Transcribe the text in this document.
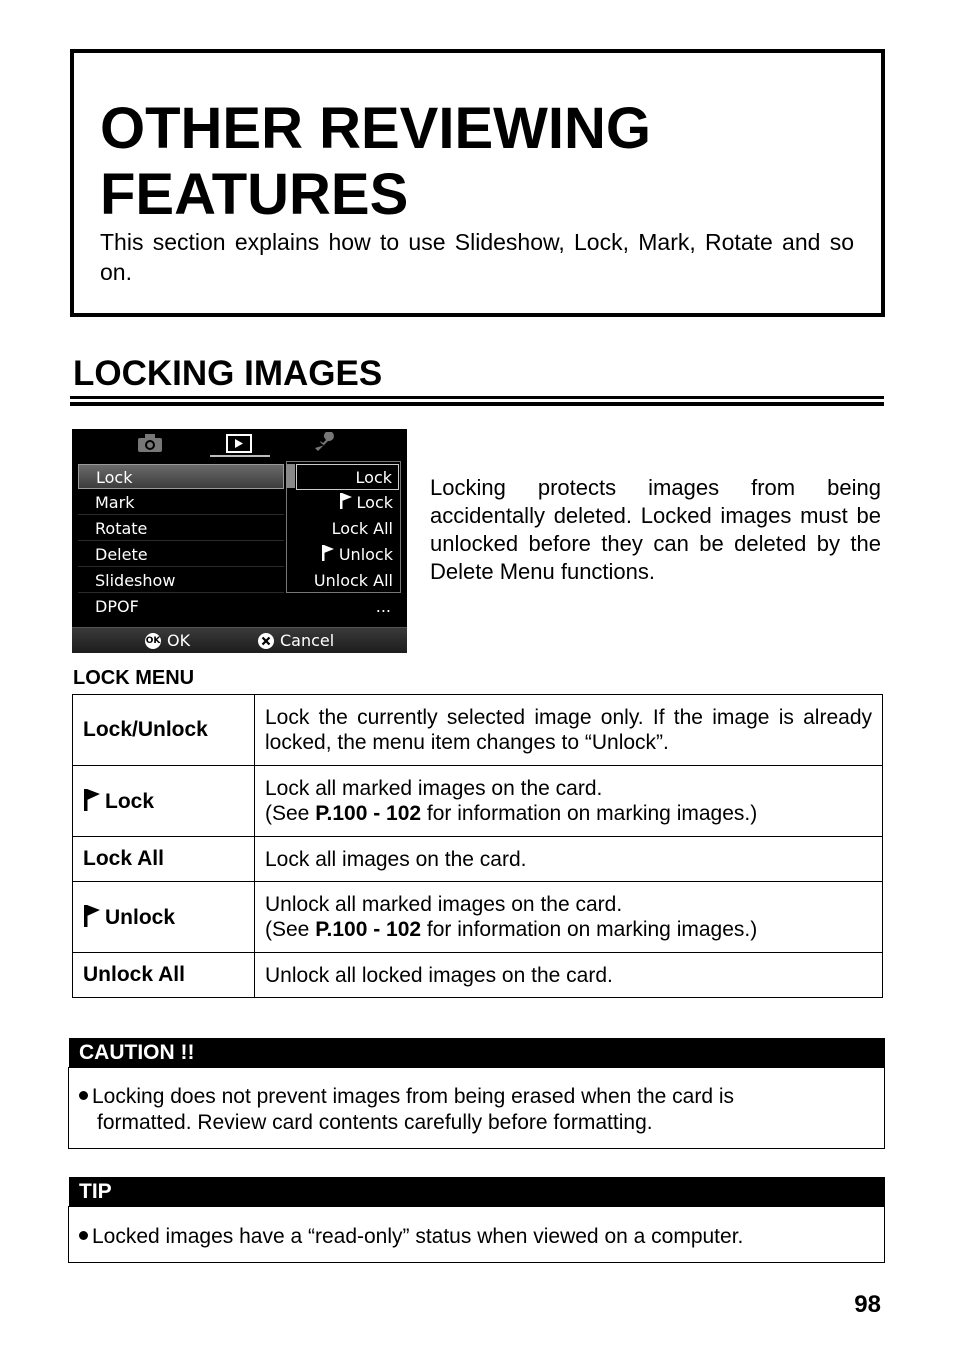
OTHER REVIEWING
FEATURES
This section explains how to use Slideshow, Lock, Mark, Rotate and so on.
LOCKING IMAGES
Lock
Mark
Rotate
Delete
Slideshow
DPOF	...
Lock
Lock
Lock All
Unlock
Unlock All
OK OK	Cancel
Locking protects images from being accidentally deleted. Locked images must be unlocked before they can be deleted by the Delete Menu functions.
LOCK MENU
Lock/Unlock	Lock the currently selected image only. If the image is already locked, the menu item changes to “Unlock”.
Lock	Lock all marked images on the card.
(See P.100 - 102 for information on marking images.)

Lock All	Lock all images on the card.
Unlock	Unlock all marked images on the card.
(See P.100 - 102 for information on marking images.)

Unlock All	Unlock all locked images on the card.
CAUTION !!
Locking does not prevent images from being erased when the card is
formatted. Review card contents carefully before formatting.
TIP
Locked images have a “read-only” status when viewed on a computer.
98
